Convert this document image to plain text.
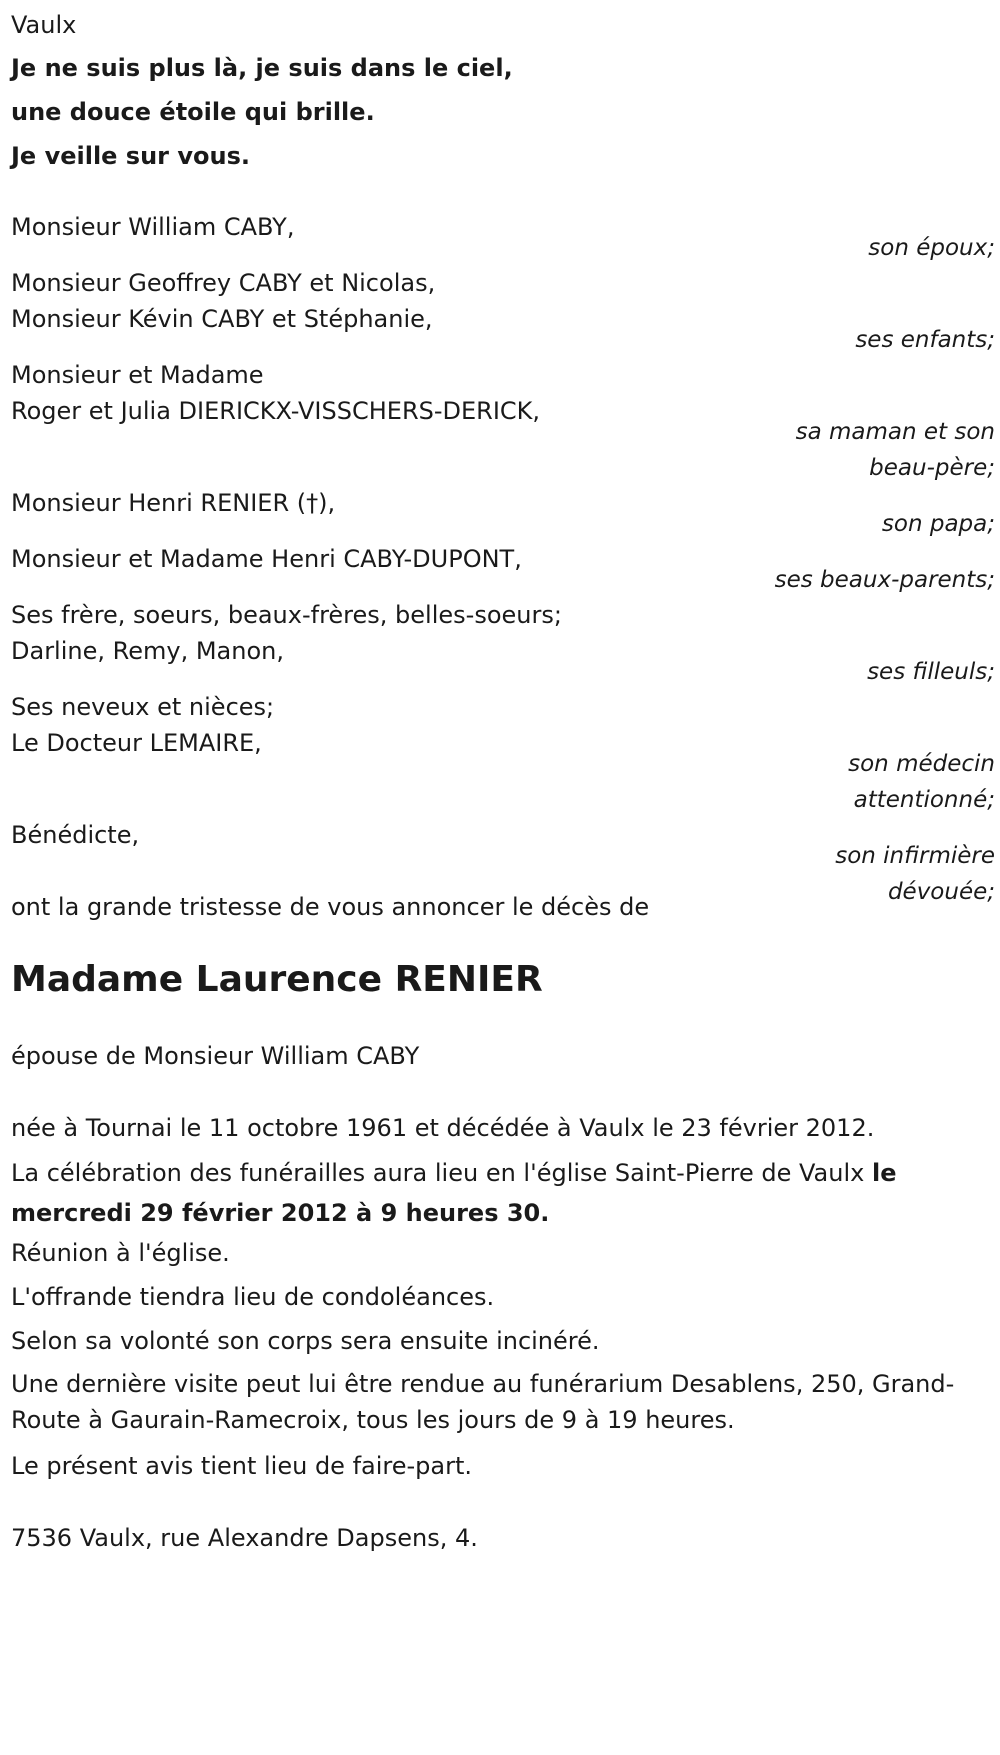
Vaulx
Je ne suis plus là, je suis dans le ciel,
une douce étoile qui brille.
Je veille sur vous.
Monsieur William CABY,
son époux;
Monsieur Geoffrey CABY et Nicolas,
Monsieur Kévin CABY et Stéphanie,
ses enfants;
Monsieur et Madame
Roger et Julia DIERICKX-VISSCHERS-DERICK,
sa maman et son
beau-père;
Monsieur Henri RENIER (†),
son papa;
Monsieur et Madame Henri CABY-DUPONT,
ses beaux-parents;
Ses frère, soeurs, beaux-frères, belles-soeurs;
Darline, Remy, Manon,
ses filleuls;
Ses neveux et nièces;
Le Docteur LEMAIRE,
son médecin
attentionné;
Bénédicte,
son infirmière
dévouée;
ont la grande tristesse de vous annoncer le décès de
Madame Laurence RENIER
épouse de Monsieur William CABY
née à Tournai le 11 octobre 1961 et décédée à Vaulx le 23 février 2012.
La célébration des funérailles aura lieu en l'église Saint-Pierre de Vaulx le mercredi 29 février 2012 à 9 heures 30.
Réunion à l'église.
L'offrande tiendra lieu de condoléances.
Selon sa volonté son corps sera ensuite incinéré.
Une dernière visite peut lui être rendue au funérarium Desablens, 250, Grand-Route à Gaurain-Ramecroix, tous les jours de 9 à 19 heures.
Le présent avis tient lieu de faire-part.
7536 Vaulx, rue Alexandre Dapsens, 4.
